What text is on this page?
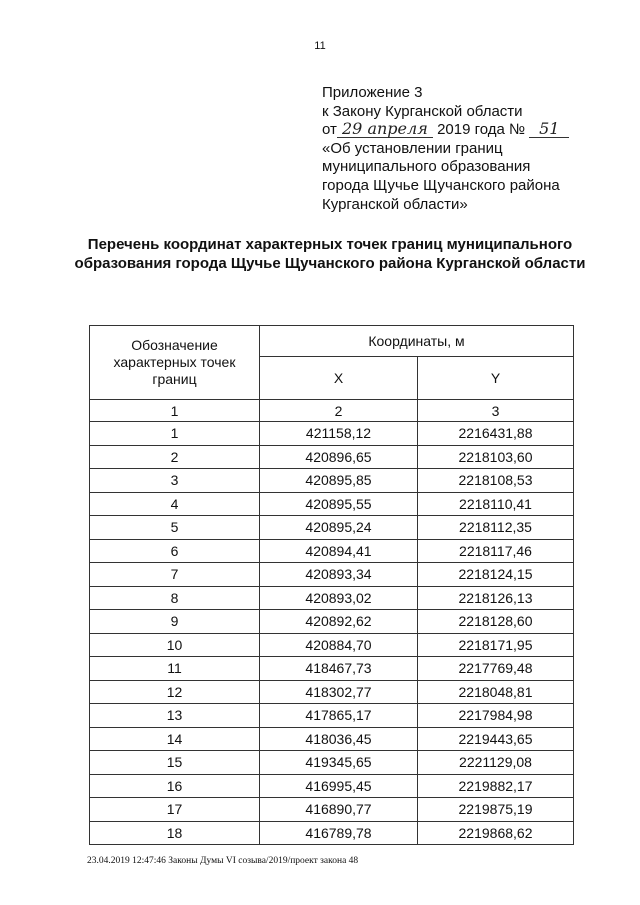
11
Приложение 3
к Закону Курганской области
от 29 апреля 2019 года № 51
«Об установлении границ
муниципального образования
города Щучье Щучанского района
Курганской области»
Перечень координат характерных точек границ муниципального образования города Щучье Щучанского района Курганской области
Обозначение характерных точек границ	Координаты, м	
	X	Y
1	2	3
1	421158,12	2216431,88
2	420896,65	2218103,60
3	420895,85	2218108,53
4	420895,55	2218110,41
5	420895,24	2218112,35
6	420894,41	2218117,46
7	420893,34	2218124,15
8	420893,02	2218126,13
9	420892,62	2218128,60
10	420884,70	2218171,95
11	418467,73	2217769,48
12	418302,77	2218048,81
13	417865,17	2217984,98
14	418036,45	2219443,65
15	419345,65	2221129,08
16	416995,45	2219882,17
17	416890,77	2219875,19
18	416789,78	2219868,62
23.04.2019 12:47:46 Законы Думы VI созыва/2019/проект закона 48
